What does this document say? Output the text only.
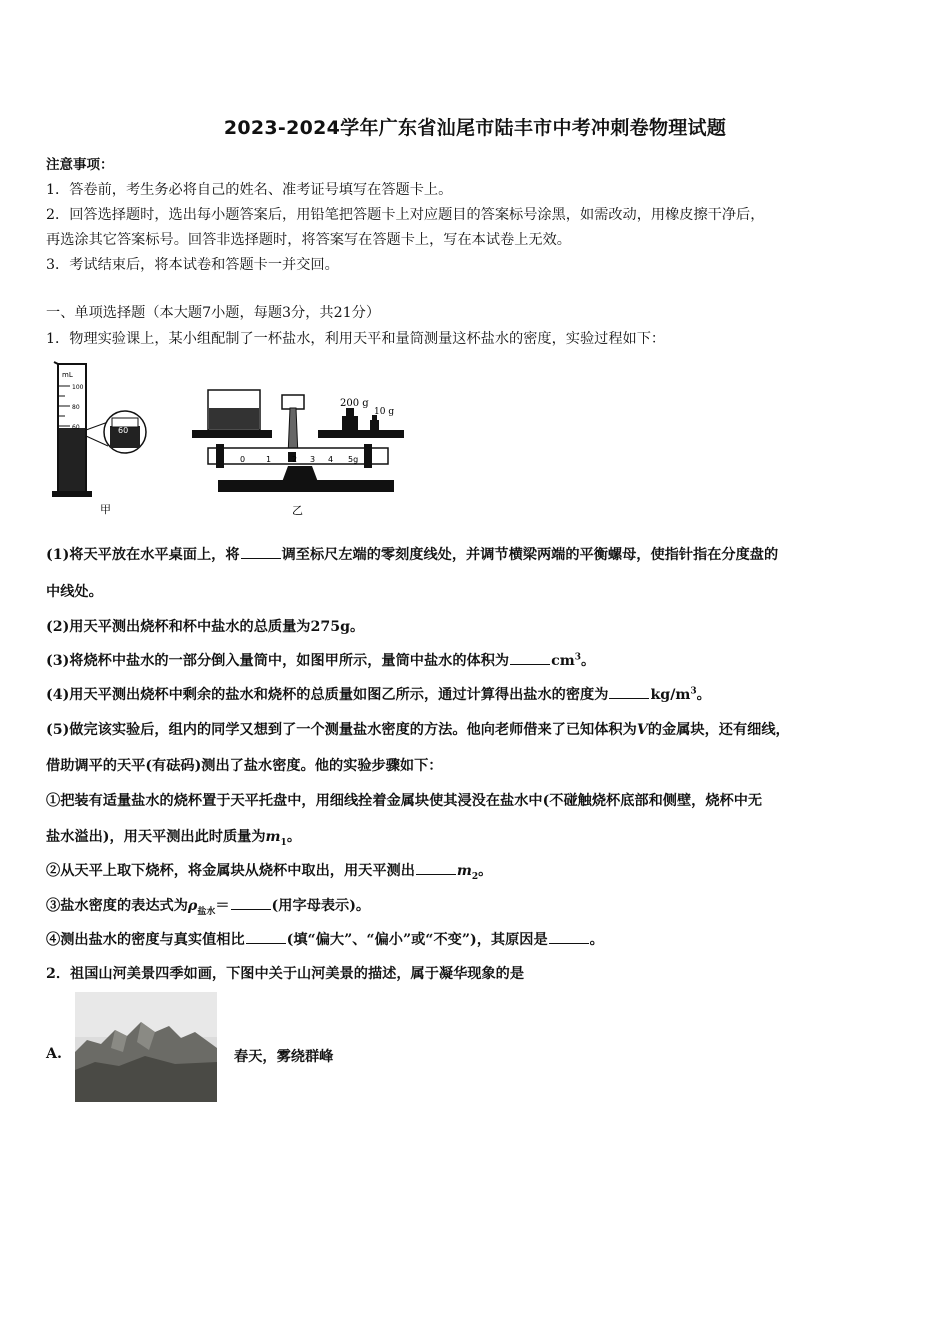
2023-2024学年广东省汕尾市陆丰市中考冲刺卷物理试题
注意事项：
1．答卷前，考生务必将自己的姓名、准考证号填写在答题卡上。
2．回答选择题时，选出每小题答案后，用铅笔把答题卡上对应题目的答案标号涂黑，如需改动，用橡皮擦干净后，
再选涂其它答案标号。回答非选择题时，将答案写在答题卡上，写在本试卷上无效。
3．考试结束后，将本试卷和答题卡一并交回。
一、单项选择题（本大题7小题，每题3分，共21分）
1．物理实验课上，某小组配制了一杯盐水，利用天平和量筒测量这杯盐水的密度，实验过程如下：
mL
100
80
60	60
甲
0	1	2 3 4 5g
200 g
10 g
乙
(1)将天平放在水平桌面上，将	调至标尺左端的零刻度线处，并调节横梁两端的平衡螺母，使指针指在分度盘的
中线处。
(2)用天平测出烧杯和杯中盐水的总质量为275g。
(3)将烧杯中盐水的一部分倒入量筒中，如图甲所示，量筒中盐水的体积为	$cm^3$。
(4)用天平测出烧杯中剩余的盐水和烧杯的总质量如图乙所示，通过计算得出盐水的密度为	$kg/m^3$。
(5)做完该实验后，组内的同学又想到了一个测量盐水密度的方法。他向老师借来了已知体积为V的金属块，还有细线，
借助调平的天平(有砝码)测出了盐水密度。他的实验步骤如下：
①把装有适量盐水的烧杯置于天平托盘中，用细线拴着金属块使其浸没在盐水中(不碰触烧杯底部和侧壁，烧杯中无
盐水溢出)，用天平测出此时质量为$m_1$。
②从天平上取下烧杯，将金属块从烧杯中取出，用天平测出	$m_2$。
③盐水密度的表达式为$\rho_{盐水}=$	(用字母表示)。
④测出盐水的密度与真实值相比	(填“偏大”、“偏小”或“不变”)，其原因是	。
2．祖国山河美景四季如画，下图中关于山河美景的描述，属于凝华现象的是
A.	春天，雾绕群峰
